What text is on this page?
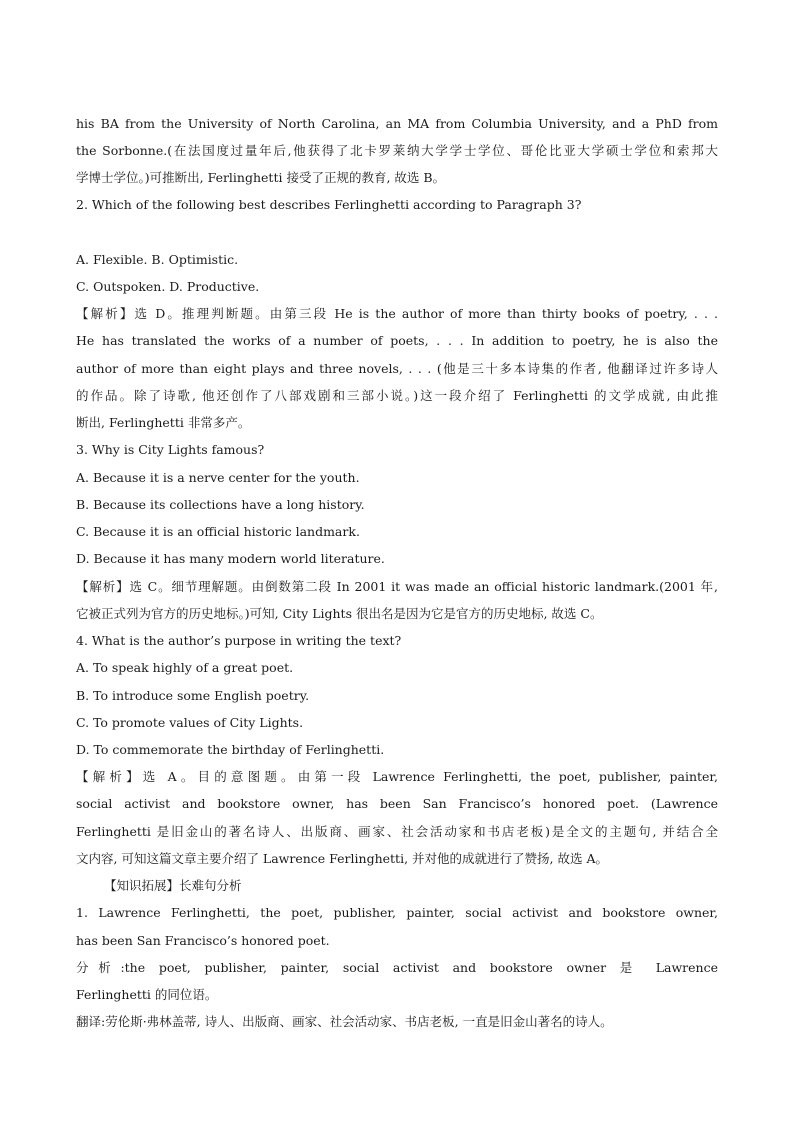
his BA from the University of North Carolina, an MA from Columbia University, and a PhD from
the Sorbonne.(在法国度过量年后,他获得了北卡罗莱纳大学学士学位、哥伦比亚大学硕士学位和索邦大
学博士学位。)可推断出, Ferlinghetti 接受了正规的教育, 故选 B。
2. Which of the following best describes Ferlinghetti according to Paragraph 3?
A. Flexible. B. Optimistic.
C. Outspoken. D. Productive.
【解析】选 D。推理判断题。由第三段 He is the author of more than thirty books of poetry, . . .
He has translated the works of a number of poets, . . . In addition to poetry, he is also the
author of more than eight plays and three novels, . . . (他是三十多本诗集的作者, 他翻译过许多诗人
的作品。除了诗歌, 他还创作了八部戏剧和三部小说。)这一段介绍了 Ferlinghetti 的文学成就, 由此推
断出, Ferlinghetti 非常多产。
3. Why is City Lights famous?
A. Because it is a nerve center for the youth.
B. Because its collections have a long history.
C. Because it is an official historic landmark.
D. Because it has many modern world literature.
【解析】选 C。细节理解题。由倒数第二段 In 2001 it was made an official historic landmark.(2001 年,
它被正式列为官方的历史地标。)可知, City Lights 很出名是因为它是官方的历史地标, 故选 C。
4. What is the author’s purpose in writing the text?
A. To speak highly of a great poet.
B. To introduce some English poetry.
C. To promote values of City Lights.
D. To commemorate the birthday of Ferlinghetti.
【解析】选 A。目的意图题。由第一段 Lawrence Ferlinghetti, the poet, publisher, painter,
social activist and bookstore owner, has been San Francisco’s honored poet. (Lawrence
Ferlinghetti 是旧金山的著名诗人、出版商、画家、社会活动家和书店老板)是全文的主题句, 并结合全
文内容, 可知这篇文章主要介绍了 Lawrence Ferlinghetti, 并对他的成就进行了赞扬, 故选 A。
【知识拓展】长难句分析
1. Lawrence Ferlinghetti, the poet, publisher, painter, social activist and bookstore owner,
has been San Francisco’s honored poet.
分析:the poet, publisher, painter, social activist and bookstore owner 是 Lawrence
Ferlinghetti 的同位语。
翻译:劳伦斯·弗林盖蒂, 诗人、出版商、画家、社会活动家、书店老板, 一直是旧金山著名的诗人。
